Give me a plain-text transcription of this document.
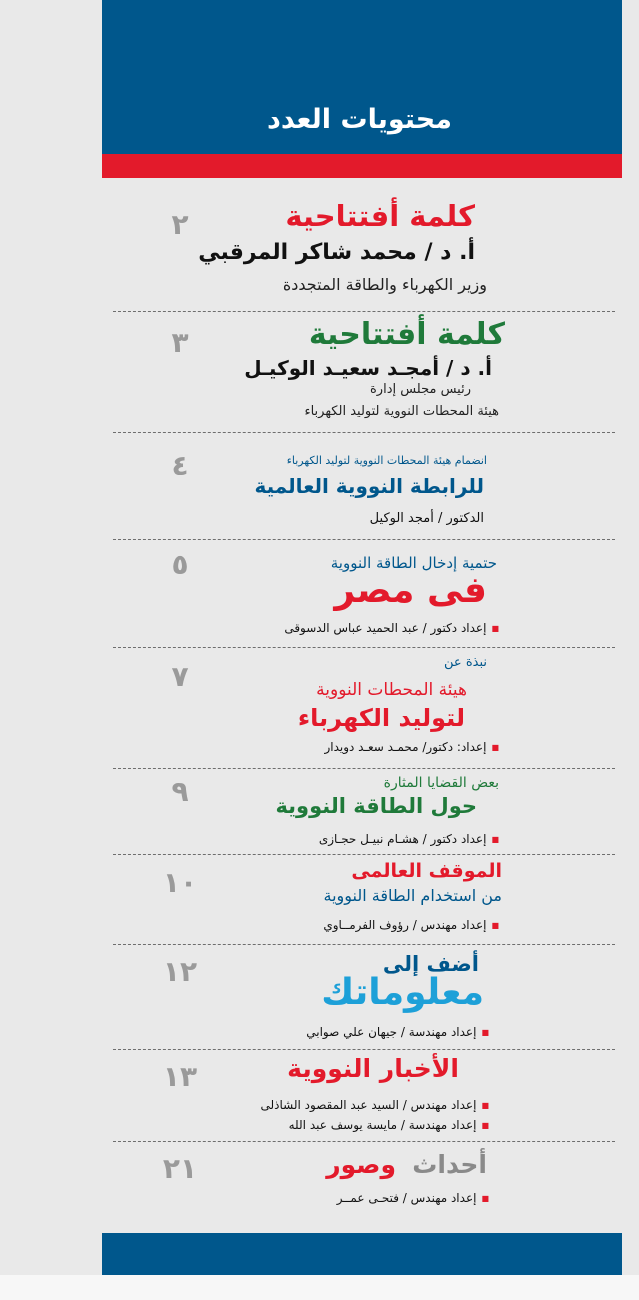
محتويات العدد
٢	كلمة أفتتاحية
أ. د / محمد شاكر المرقبي
وزير الكهرباء والطاقة المتجددة
٣	كلمة أفتتاحية
أ. د / أمجـد سعيـد الوكيـل
رئيس مجلس إدارة
هيئة المحطات النووية لتوليد الكهرباء
٤	انضمام هيئة المحطات النووية لتوليد الكهرباء
للرابطة النووية العالمية
الدكتور / أمجد الوكيل
٥	حتمية إدخال الطاقة النووية
فى مصر
■ إعداد دكتور / عبد الحميد عباس الدسوقى
٧	نبذة عن
هيئة المحطات النووية
لتوليد الكهرباء
■ إعداد: دكتور/ محمـد سعـد دويدار
٩	بعض القضايا المثارة
حول الطاقة النووية
■ إعداد دكتور / هشـام نبيـل حجـازى
١٠	الموقف العالمى
من استخدام الطاقة النووية
■ إعداد مهندس / رؤوف الفرمــاوي
١٢	أضف إلى
معلوماتك
■ إعداد مهندسة / جيهان علي صوابي
١٣	الأخبار النووية
■ إعداد مهندس / السيد عبد المقصود الشاذلى
■ إعداد مهندسة / مايسة يوسف عبد الله
٢١	أحداث
وصور
■ إعداد مهندس / فتحـى عمــر
